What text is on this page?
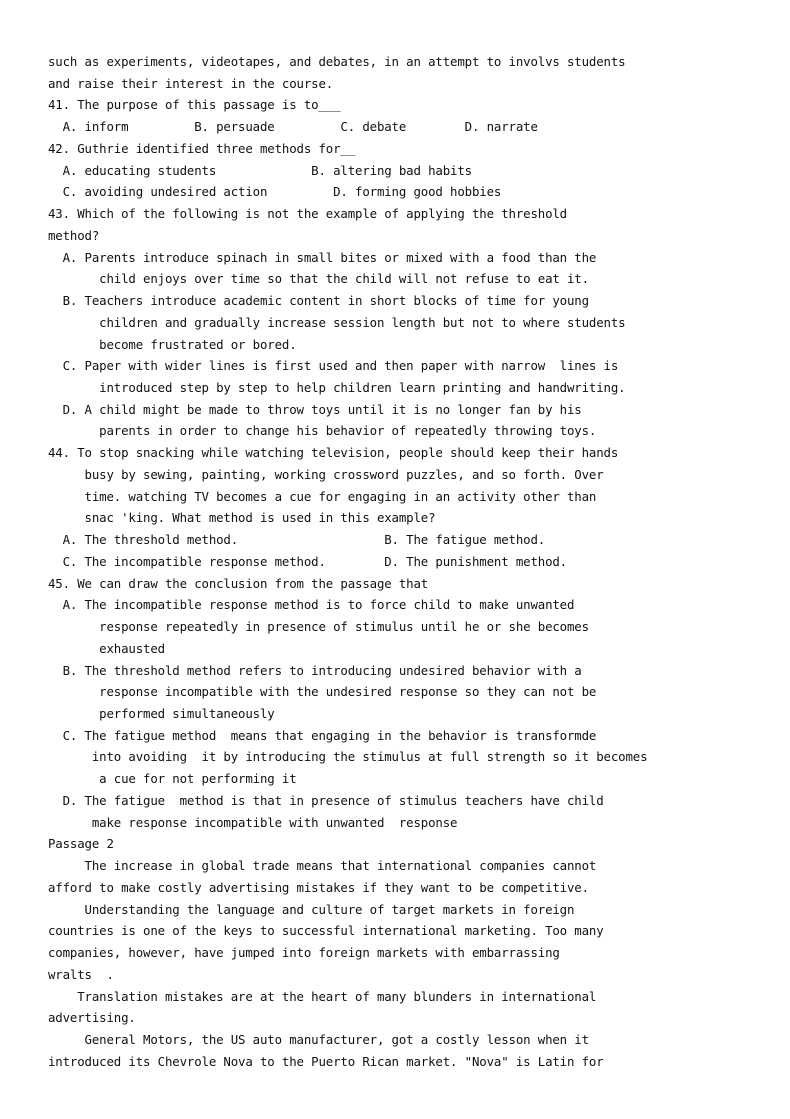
such as experiments, videotapes, and debates, in an attempt to involvs students
and raise their interest in the course.
41. The purpose of this passage is to___
A. inform         B. persuade         C. debate        D. narrate
42. Guthrie identified three methods for__
A. educating students             B. altering bad habits
C. avoiding undesired action         D. forming good hobbies
43. Which of the following is not the example of applying the threshold
method?
A. Parents introduce spinach in small bites or mixed with a food than the
child enjoys over time so that the child will not refuse to eat it.
B. Teachers introduce academic content in short blocks of time for young
children and gradually increase session length but not to where students
become frustrated or bored.
C. Paper with wider lines is first used and then paper with narrow  lines is
introduced step by step to help children learn printing and handwriting.
D. A child might be made to throw toys until it is no longer fan by his
parents in order to change his behavior of repeatedly throwing toys.
44. To stop snacking while watching television, people should keep their hands
busy by sewing, painting, working crossword puzzles, and so forth. Over
time. watching TV becomes a cue for engaging in an activity other than
snac 'king. What method is used in this example?
A. The threshold method.                    B. The fatigue method.
C. The incompatible response method.        D. The punishment method.
45. We can draw the conclusion from the passage that
A. The incompatible response method is to force child to make unwanted
response repeatedly in presence of stimulus until he or she becomes
exhausted
B. The threshold method refers to introducing undesired behavior with a
response incompatible with the undesired response so they can not be
performed simultaneously
C. The fatigue method  means that engaging in the behavior is transformde
into avoiding  it by introducing the stimulus at full strength so it becomes
a cue for not performing it
D. The fatigue  method is that in presence of stimulus teachers have child
make response incompatible with unwanted  response
Passage 2
The increase in global trade means that international companies cannot
afford to make costly advertising mistakes if they want to be competitive.
Understanding the language and culture of target markets in foreign
countries is one of the keys to successful international marketing. Too many
companies, however, have jumped into foreign markets with embarrassing
wralts  .
Translation mistakes are at the heart of many blunders in international
advertising.
General Motors, the US auto manufacturer, got a costly lesson when it
introduced its Chevrole Nova to the Puerto Rican market. "Nova" is Latin for
